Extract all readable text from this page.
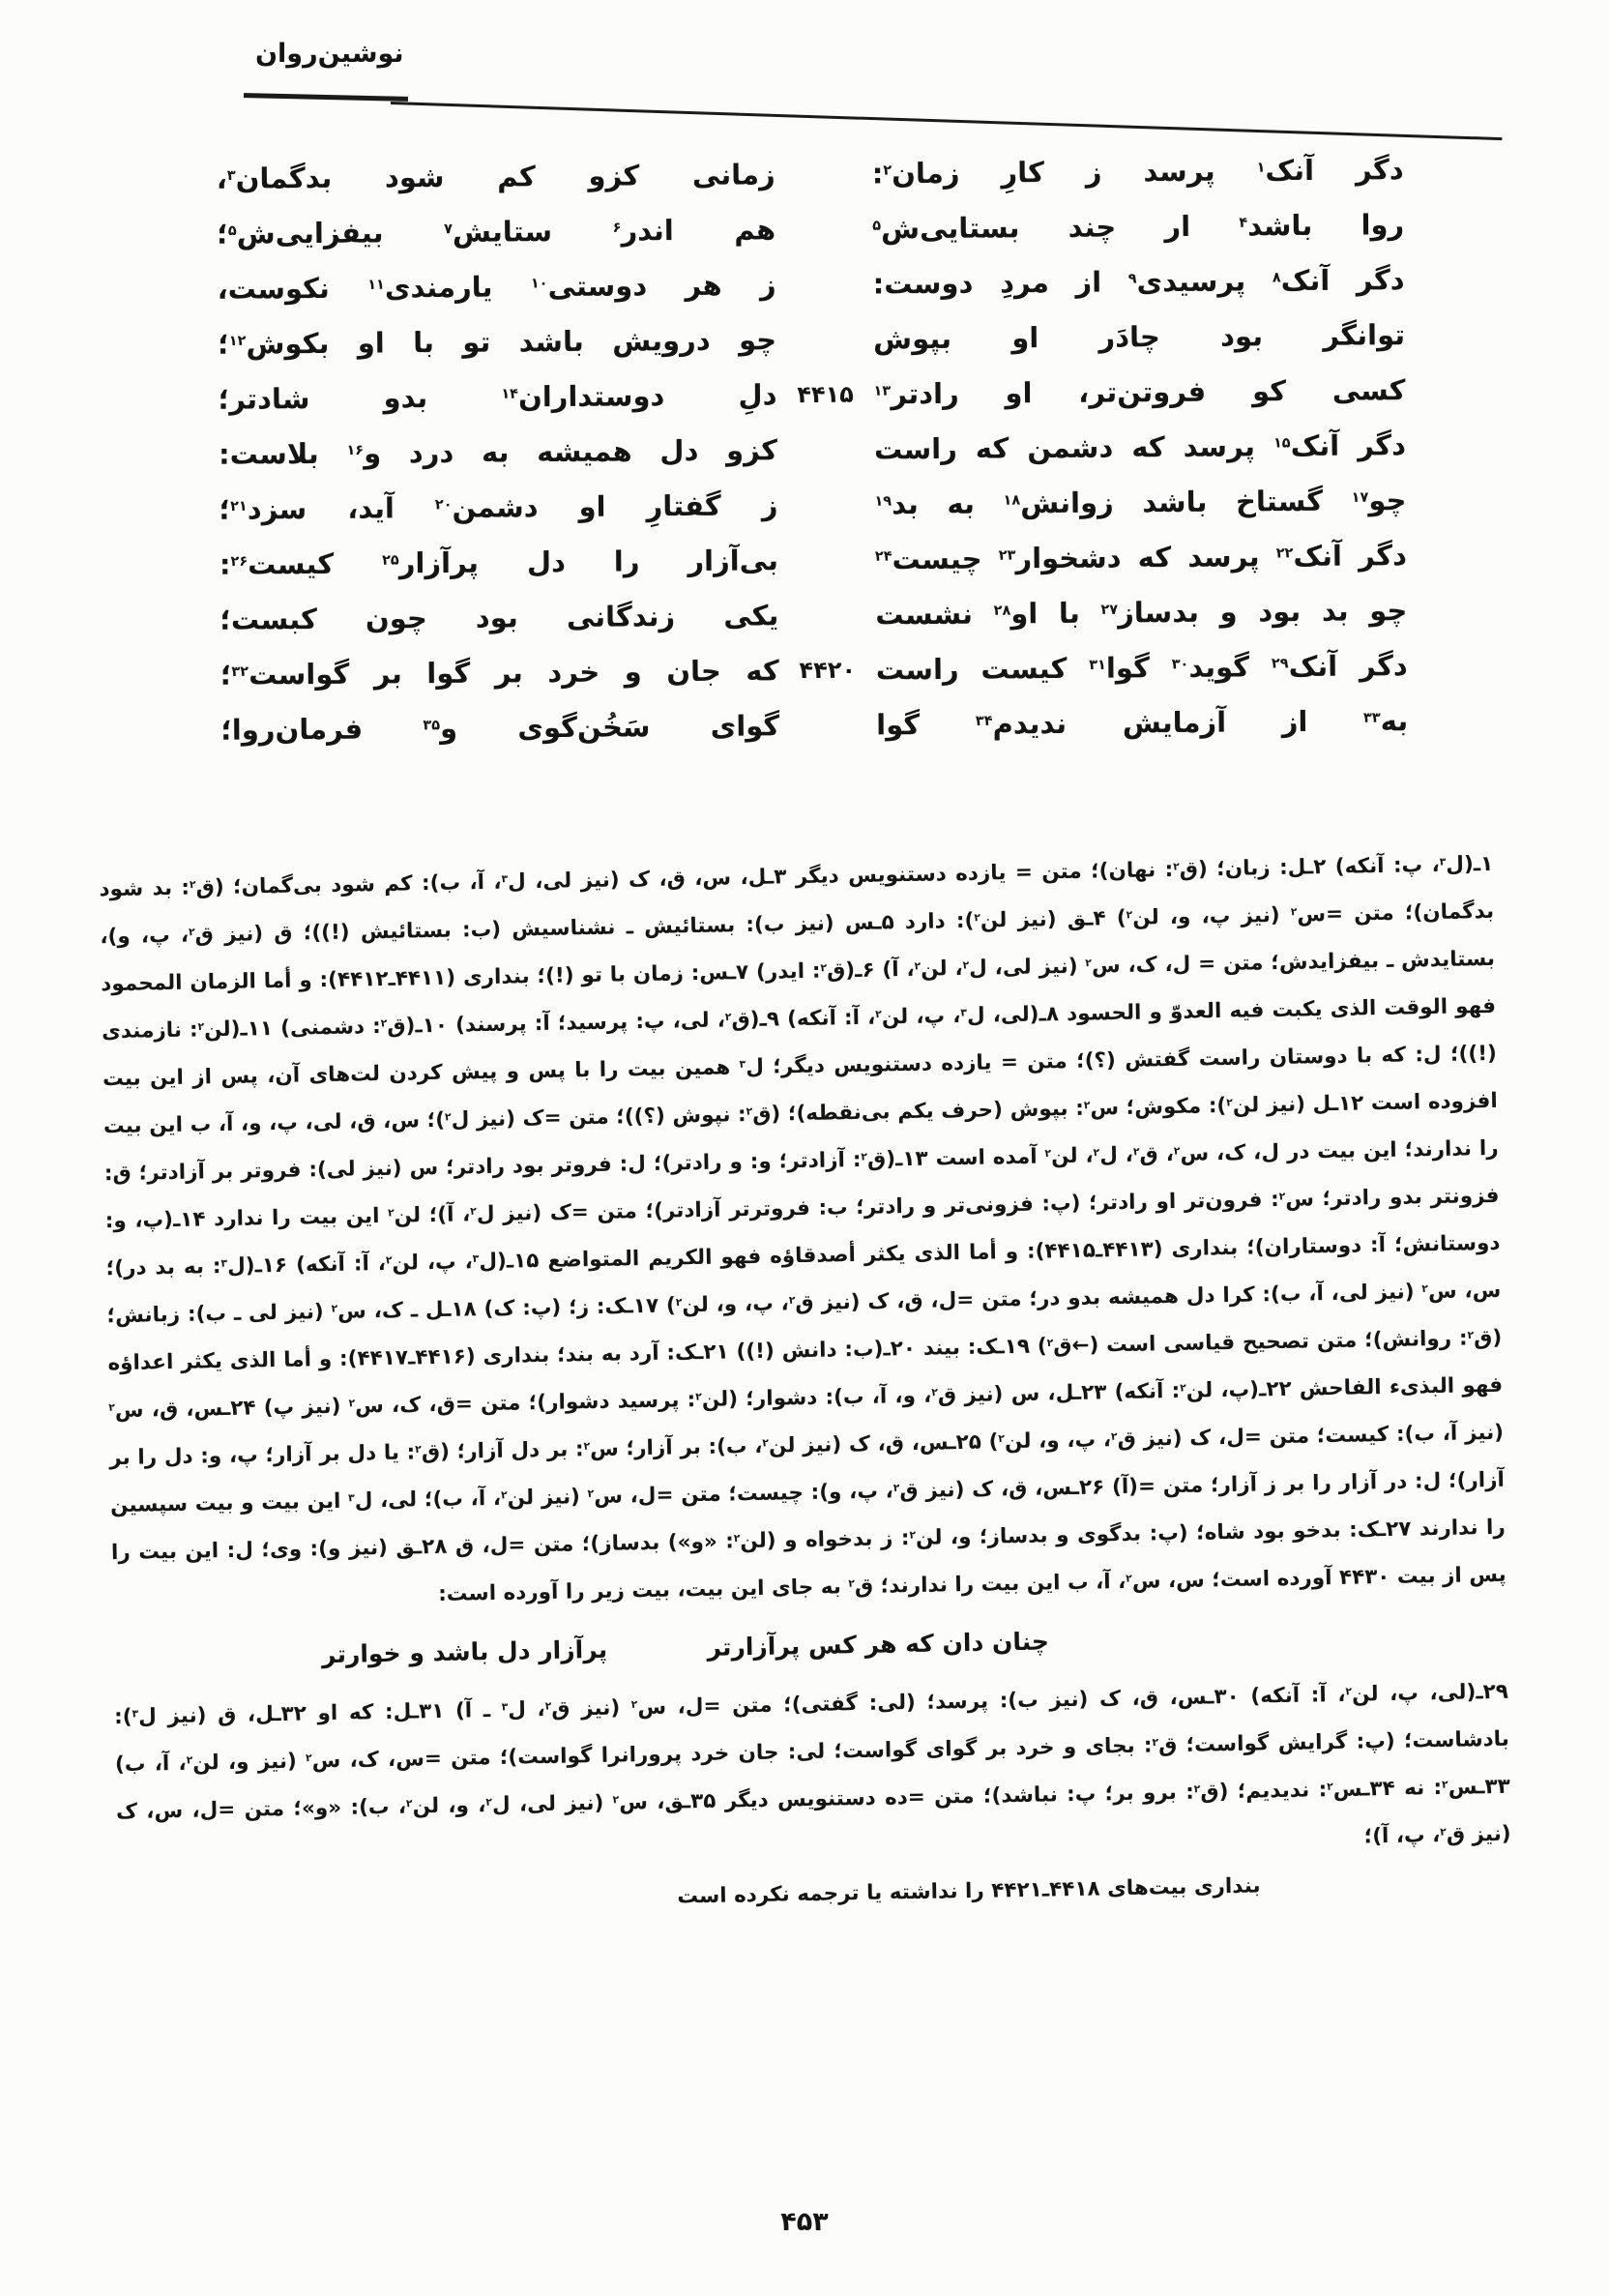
نوشین‌روان
دگر آنک$^۱$ پرسد ز کارِ زمان$^۲$:
زمانی کزو کم شود بدگمان$^۳$،
روا باشد$^۴$ ار چند بستایی‌ش$^۵$
هم اندر$^۶$ ستایش$^۷$ بیفزایی‌ش$^۵$؛
دگر آنک$^۸$ پرسیدی$^۹$ از مردِ دوست:
ز هر دوستی$^{۱۰}$ یارمندی$^{۱۱}$ نکوست،
توانگر بود چادَر او بپوش
چو درویش باشد تو با او بکوش$^{۱۲}$؛
کسی کو فروتن‌تر، او رادتر$^{۱۳}$
۴۴۱۵
دلِ دوستداران$^{۱۴}$ بدو شادتر؛
دگر آنک$^{۱۵}$ پرسد که دشمن که راست
کزو دل همیشه به درد و$^{۱۶}$ بلاست:
چو$^{۱۷}$ گستاخ باشد زوانش$^{۱۸}$ به بد$^{۱۹}$
ز گفتارِ او دشمن$^{۲۰}$ آید، سزد$^{۲۱}$؛
دگر آنک$^{۲۲}$ پرسد که دشخوار$^{۲۳}$ چیست$^{۲۴}$
بی‌آزار را دل پرآزار$^{۲۵}$ کیست$^{۲۶}$:
چو بد بود و بدساز$^{۲۷}$ با او$^{۲۸}$ نشست
یکی زندگانی بود چون کبست؛
دگر آنک$^{۲۹}$ گوید$^{۳۰}$ گوا$^{۳۱}$ کیست راست
۴۴۲۰
که جان و خرد بر گوا بر گواست$^{۳۲}$؛
به$^{۳۳}$ از آزمایش ندیدم$^{۳۴}$ گوا
گوای سَخُن‌گوی و$^{۳۵}$ فرمان‌روا؛

۱ـ(ل$^۳$، پ: آنکه) ۲ـل: زبان؛ (ق$^۲$: نهان)؛ متن = یازده دستنویس دیگر ۳ـل، س، ق، ک (نیز لی، ل$^۳$، آ، ب): کم شود بی‌گمان؛ (ق$^۲$: بد شود بدگمان)؛ متن =س$^۲$ (نیز پ، و، لن$^۲$) ۴ـق (نیز لن$^۲$): دارد ۵ـس (نیز ب): بستائیش ـ نشناسیش (ب: بستائیش (!))؛ ق (نیز ق$^۲$، پ، و)، بستایدش ـ بیفزایدش؛ متن = ل، ک، س$^۲$ (نیز لی، ل$^۲$، لن$^۲$، آ) ۶ـ(ق$^۲$: ایدر) ۷ـس: زمان با تو (!)؛ بنداری (۴۴۱۱ـ۴۴۱۲): و أما الزمان المحمود فهو الوقت الذی یکبت فیه العدوّ و الحسود ۸ـ(لی، ل$^۳$، پ، لن$^۲$، آ: آنکه) ۹ـ(ق$^۲$، لی، پ: پرسید؛ آ: پرسند) ۱۰ـ(ق$^۲$: دشمنی) ۱۱ـ(لن$^۲$: نازمندی (!))؛ ل: که با دوستان راست گفتش (؟)؛ متن = یازده دستنویس دیگر؛ ل$^۳$ همین بیت را با پس و پیش کردن لت‌های آن، پس از این بیت افزوده است ۱۲ـل (نیز لن$^۲$): مکوش؛ س$^۲$: بپوش (حرف یکم بی‌نقطه)؛ (ق$^۲$: نپوش (؟))؛ متن =ک (نیز ل$^۲$)؛ س، ق، لی، پ، و، آ، ب این بیت را ندارند؛ این بیت در ل، ک، س$^۲$، ق$^۲$، ل$^۲$، لن$^۲$ آمده است ۱۳ـ(ق$^۲$: آزادتر؛ و: و رادتر)؛ ل: فروتر بود رادتر؛ س (نیز لی): فروتر بر آزادتر؛ ق: فزونتر بدو رادتر؛ س$^۲$: فرون‌تر او رادتر؛ (پ: فزونی‌تر و رادتر؛ ب: فروتر‌تر آزادتر)؛ متن =ک (نیز ل$^۲$، آ)؛ لن$^۲$ این بیت را ندارد ۱۴ـ(پ، و: دوستانش؛ آ: دوستاران)؛ بنداری (۴۴۱۳ـ۴۴۱۵): و أما الذی یکثر أصدقاؤه فهو الکریم المتواضع ۱۵ـ(ل$^۳$، پ، لن$^۲$، آ: آنکه) ۱۶ـ(ل$^۳$: به بد در)؛ س، س$^۲$ (نیز لی، آ، ب): کرا دل همیشه بدو در؛ متن =ل، ق، ک (نیز ق$^۲$، پ، و، لن$^۲$) ۱۷ـک: ز؛ (پ: ک) ۱۸ـل ـ ک، س$^۲$ (نیز لی ـ ب): زبانش؛ (ق$^۲$: روانش)؛ متن تصحیح قیاسی است (←ق$^۲$) ۱۹ـک: بیند ۲۰ـ(ب: دانش (!)) ۲۱ـک: آرد به بند؛ بنداری (۴۴۱۶ـ۴۴۱۷): و أما الذی یکثر اعداؤه فهو البذیء الفاحش ۲۲ـ(پ، لن$^۲$: آنکه) ۲۳ـل، س (نیز ق$^۲$، و، آ، ب): دشوار؛ (لن$^۲$: پرسید دشوار)؛ متن =ق، ک، س$^۲$ (نیز پ) ۲۴ـس، ق، س$^۲$ (نیز آ، ب): کیست؛ متن =ل، ک (نیز ق$^۲$، پ، و، لن$^۲$) ۲۵ـس، ق، ک (نیز لن$^۲$، ب): بر آزار؛ س$^۲$: بر دل آزار؛ (ق$^۲$: یا دل بر آزار؛ پ، و: دل را بر آزار)؛ ل: در آزار را بر ز آزار؛ متن =(آ) ۲۶ـس، ق، ک (نیز ق$^۲$، پ، و): چیست؛ متن =ل، س$^۲$ (نیز لن$^۲$، آ، ب)؛ لی، ل$^۳$ این بیت و بیت سپسین را ندارند ۲۷ـک: بدخو بود شاه؛ (پ: بدگوی و بدساز؛ و، لن$^۲$: ز بدخواه و (لن$^۲$: «و») بدساز)؛ متن =ل، ق ۲۸ـق (نیز و): وی؛ ل: این بیت را پس از بیت ۴۴۳۰ آورده است؛ س، س$^۲$، آ، ب این بیت را ندارند؛ ق$^۲$ به جای این بیت، بیت زیر را آورده است:

چنان دان که هر کس پرآزارتر
پرآزار دل باشد و خوارتر

۲۹ـ(لی، پ، لن$^۲$، آ: آنکه) ۳۰ـس، ق، ک (نیز ب): پرسد؛ (لی: گفتی)؛ متن =ل، س$^۲$ (نیز ق$^۲$، ل$^۳$ ـ آ) ۳۱ـل: که او ۳۲ـل، ق (نیز ل$^۳$): بادشاست؛ (پ: گرایش گواست؛ ق$^۲$: بجای و خرد بر گوای گواست؛ لی: جان خرد پرورانرا گواست)؛ متن =س، ک، س$^۲$ (نیز و، لن$^۲$، آ، ب) ۳۳ـس$^۲$: نه ۳۴ـس$^۲$: ندیدیم؛ (ق$^۲$: برو بر؛ پ: نباشد)؛ متن =ده دستنویس دیگر ۳۵ـق، س$^۲$ (نیز لی، ل$^۲$، و، لن$^۲$، ب): «و»؛ متن =ل، س، ک (نیز ق$^۲$، پ، آ)؛

بنداری بیت‌های ۴۴۱۸ـ۴۴۲۱ را نداشته یا ترجمه نکرده است
۴۵۳
